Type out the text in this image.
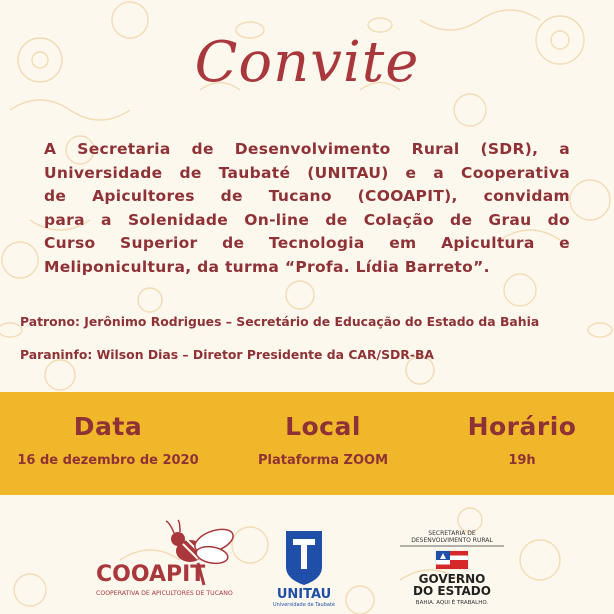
Convite
A Secretaria de Desenvolvimento Rural (SDR), a
Universidade de Taubaté (UNITAU) e a Cooperativa
de Apicultores de Tucano (COOAPIT), convidam
para a Solenidade On-line de Colação de Grau do
Curso Superior de Tecnologia em Apicultura e
Meliponicultura, da turma “Profa. Lídia Barreto”.
Patrono: Jerônimo Rodrigues – Secretário de Educação do Estado da Bahia
Paraninfo: Wilson Dias – Diretor Presidente da CAR/SDR-BA
Data
16 de dezembro de 2020
Local
Plataforma ZOOM
Horário
19h
COOAPIT
COOPERATIVA DE APICULTORES DE TUCANO	UNITAU
Universidade de Taubaté
SECRETARIA DE
DESENVOLVIMENTO RURAL
GOVERNO
DO ESTADO
BAHIA. AQUI É TRABALHO.
